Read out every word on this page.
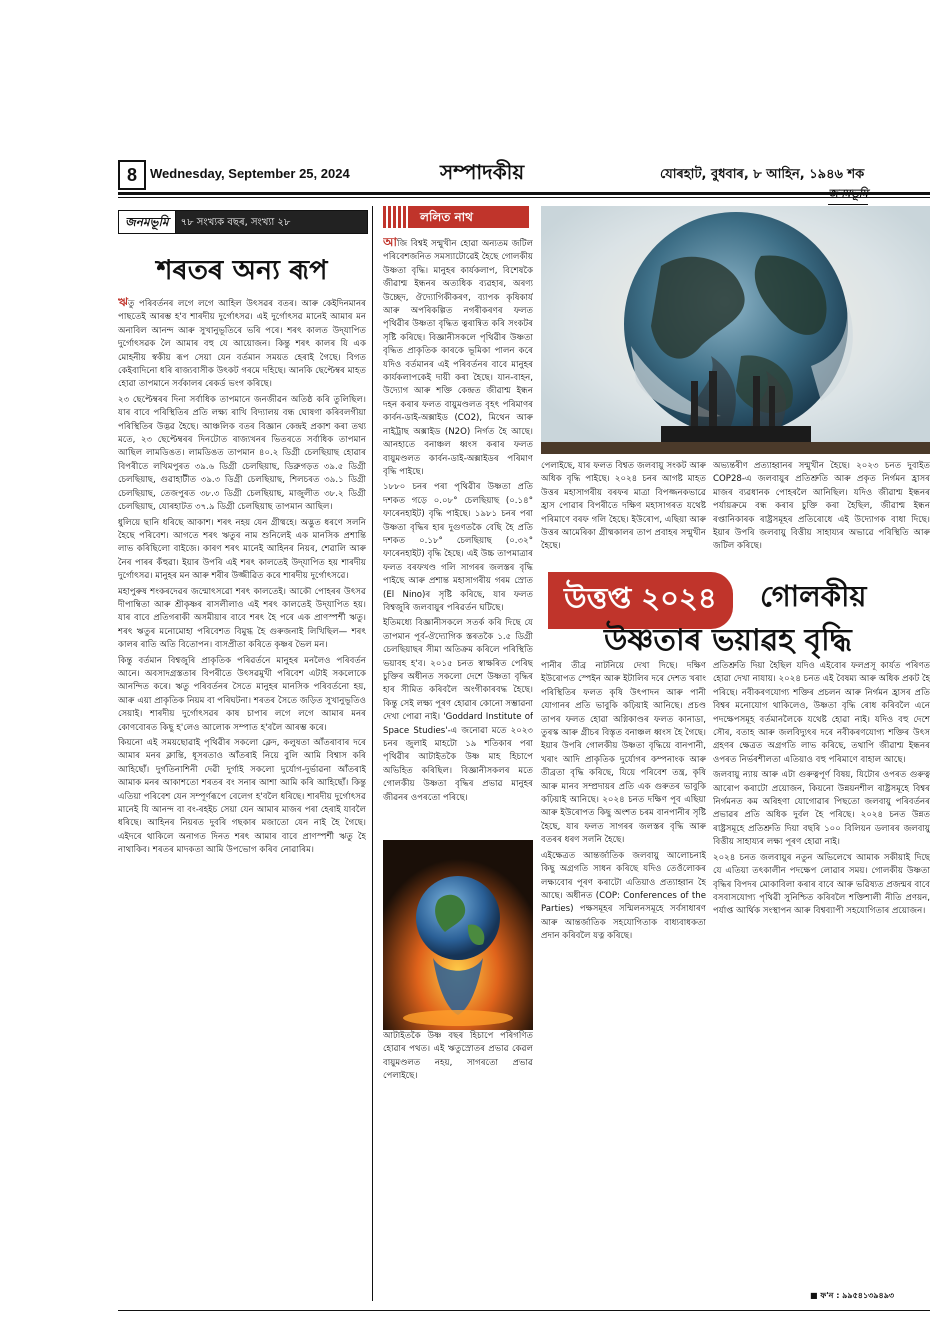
8	Wednesday, September 25, 2024	সম্পাদকীয়	যোৰহাট, বুধবাৰ, ৮ আহিন, ১৯৪৬ শক
জনমভূমি	৭৮ সংখ্যক বছৰ, সংখ্যা ২৮
শৰতৰ অন্য ৰূপ

ঋতু পৰিবৰ্তনৰ লগে লগে আহিল উৎসৱৰ বতৰ। আৰু কেইদিনমানৰ পাছতেই আৰম্ভ হ'ব শাৰদীয় দুৰ্গোৎসৱ। এই দুৰ্গোৎসৱ মানেই আমাৰ মন অনাবিল আনন্দ আৰু সুখানুভূতিৰে ভৰি পৰে। শৰৎ কালত উদ্‌যাপিত দুৰ্গোৎসৱক লৈ আমাৰ বহু যে আয়োজন। কিন্তু শৰৎ কালৰ যি এক মোহনীয় স্বকীয় ৰূপ সেয়া যেন বৰ্তমান সময়ত হেৰাই গৈছে। বিগত কেইবাদিনো ধৰি ৰাজ্যবাসীক উৎকট গৰমে দহিছে। আনকি ছেপ্টেম্বৰ মাহত হোৱা তাপমানে সৰ্বকালৰ ৰেকৰ্ড ভংগ কৰিছে।

২৩ ছেপ্টেম্বৰৰ দিনা সৰ্বাধিক তাপমানে জনজীৱন অতিষ্ঠ কৰি তুলিছিল। যাৰ বাবে পৰিস্থিতিৰ প্ৰতি লক্ষ্য ৰাখি বিদ্যালয় বন্ধ ঘোষণা কৰিবলগীয়া পৰিস্থিতিৰ উদ্ভৱ হৈছে। আঞ্চলিক বতৰ বিজ্ঞান কেন্দ্ৰই প্ৰকাশ কৰা তথ্য মতে, ২৩ ছেপ্টেম্বৰৰ দিনটোত ৰাজ্যখনৰ ভিতৰতে সৰ্বাধিক তাপমান আছিল লামডিঙত। লামডিঙত তাপমান ৪০.২ ডিগ্ৰী চেলছিয়াছ হোৱাৰ বিপৰীতে লখিমপুৰত ৩৯.৬ ডিগ্ৰী চেলছিয়াছ, ডিব্ৰুগড়ত ৩৯.৫ ডিগ্ৰী চেলছিয়াছ, গুৱাহাটীত ৩৯.৩ ডিগ্ৰী চেলছিয়াছ, শিলচৰত ৩৯.১ ডিগ্ৰী চেলছিয়াছ, তেজপুৰত ৩৮.৩ ডিগ্ৰী চেলছিয়াছ, মাজুলীত ৩৮.২ ডিগ্ৰী চেলছিয়াছ, যোৰহাটত ৩৭.৯ ডিগ্ৰী চেলছিয়াছ তাপমান আছিল।

ধুলিয়ে ছানি ধৰিছে আকাশ। শৰৎ নহয় যেন গ্ৰীষ্মহে। অদ্ভুত ধৰণে সলনি হৈছে পৰিবেশ। আগতে শৰৎ ঋতুৰ নাম শুনিলেই এক মানসিক প্ৰশান্তি লাভ কৰিছিলো বাইজে। কাৰণ শৰৎ মানেই আহিনৰ নিয়ৰ, শেৱালি আৰু নৈৰ পাৰৰ কঁহুৱা। ইয়াৰ উপৰি এই শৰৎ কালতেই উদ্‌যাপিত হয় শাৰদীয় দুৰ্গোৎসৱ। মানুহৰ মন আৰু শৰীৰ উজ্জীৱিত কৰে শাৰদীয় দুৰ্গোৎসৱে।

মহাপুৰুষ শংকৰদেৱৰ জন্মোৎসৱো শৰৎ কালতেই। আকৌ পোহৰৰ উৎসৱ দীপাম্বিতা আৰু শ্ৰীকৃষ্ণৰ ৰাসলীলাও এই শৰৎ কালতেই উদ্‌যাপিত হয়। যাৰ বাবে প্ৰতিগৰাকী অসমীয়াৰ বাবে শৰৎ হৈ পৰে এক প্ৰাণস্পৰ্শী ঋতু। শৰৎ ঋতুৰ মনোমোহা পৰিবেশত বিমুগ্ধ হৈ গুৰুজনাই লিখিছিল— শৰৎ কালৰ ৰাতি অতি বিতোপন। বাসপ্ৰীতা কৰিতে কৃষ্ণৰ ভৈল মন।

কিন্তু বৰ্তমান বিশ্বজুৰি প্ৰাকৃতিক পৰিৱৰ্তনে মানুহৰ মনলৈও পৰিবৰ্তন আনে। অবসাদগ্ৰস্ততাৰ বিপৰীতে উৎসৱমুখী পৰিবেশ এটাই সকলোকে আনন্দিত কৰে। ঋতু পৰিবৰ্তনৰ সৈতে মানুহৰ মানসিক পৰিবৰ্তনো হয়, আৰু এয়া প্ৰাকৃতিক নিয়ম বা পৰিঘটনা। শৰতৰ সৈতে জড়িত সুখানুভূতিও সেয়াই। শাৰদীয় দুৰ্গোৎসৱৰ কাষ চাপাৰ লগে লগে আমাৰ মনৰ কোণবোৰত কিছু হ'লেও আলোক সম্পাত হ'বলৈ আৰম্ভ কৰে।

কিয়নো এই সময়ছোৱাই পৃথিৱীৰ সকলো ক্লেদ, কলুষতা আঁতৰাবাৰ দৰে আমাৰ মনৰ ক্লান্তি, ধূসৰতাও আঁতৰাই নিয়ে বুলি আমি বিশ্বাস কৰি আহিছোঁ। দুৰ্গতিনাশিনী দেৱী দুৰ্গাই সকলো দুৰ্যোগ-দুৰ্ভাৱনা আঁতৰাই আমাক মনৰ আকাশতো শৰতৰ বং সনাৰ আশা আমি কৰি আহিছোঁ। কিন্তু এতিয়া পৰিবেশ যেন সম্পূৰ্ণৰূপে বেলেগ হ'বলৈ ধৰিছে। শাৰদীয় দুৰ্গোৎসৱ মানেই যি আনন্দ বা বং-ৰহইচ সেয়া যেন আমাৰ মাজৰ পৰা হেৰাই যাবলৈ ধৰিছে। আহিনৰ নিয়ৰত দুবৰি গছকাৰ মজাতো যেন নাই হৈ গৈছে। এইদৰে থাকিলে অনাগত দিনত শৰৎ আমাৰ বাবে প্ৰাণস্পৰ্শী ঋতু হৈ নাথাকিব। শৰতৰ মাদকতা আমি উপভোগ কৰিব নোৱাৰিম।

ললিত নাথ

আজি বিশ্বই সন্মুখীন হোৱা অন্যতম জটিল পৰিবেশজনিত সমস্যাটোৱেই হৈছে গোলকীয় উষ্ণতা বৃদ্ধি। মানুহৰ কাৰ্যকলাপ, বিশেষকৈ জীৱাশ্ম ইন্ধনৰ অত্যধিক ব্যৱহাৰ, অৰণ্য উচ্ছেদ, ঔদ্যোগিকীকৰণ, ব্যাপক কৃষিকাৰ্য আৰু অপৰিকল্পিত নগৰীকৰণৰ ফলত পৃথিৱীৰ উষ্ণতা বৃদ্ধিত ত্বৰান্বিত কৰি সংকটৰ সৃষ্টি কৰিছে। বিজ্ঞানীসকলে পৃথিৱীৰ উষ্ণতা বৃদ্ধিত প্ৰাকৃতিক কাৰকে ভূমিকা পালন কৰে যদিও বৰ্তমানৰ এই পৰিবৰ্তনৰ বাবে মানুহৰ কাৰ্যকলাপকেই দায়ী কৰা হৈছে। যান-বাহন, উদ্যোগ আৰু শক্তি কেন্দ্ৰত জীৱাশ্ম ইন্ধন দহন কৰাৰ ফলত বায়ুমণ্ডলত বৃহৎ পৰিমাণৰ কাৰ্বন-ডাই-অক্সাইড (CO2), মিথেন আৰু নাইট্ৰাছ অক্সাইড (N2O) নিৰ্গত হৈ আছে। আনহাতে বনাঞ্চল ধ্বংস কৰাৰ ফলত বায়ুমণ্ডলত কাৰ্বন-ডাই-অক্সাইডৰ পৰিমাণ বৃদ্ধি পাইছে।

১৮৮০ চনৰ পৰা পৃথিৱীৰ উষ্ণতা প্ৰতি দশকত গড়ে ০.০৮° চেলছিয়াছ (০.১৪° ফাৰেনহাইট) বৃদ্ধি পাইছে। ১৯৮১ চনৰ পৰা উষ্ণতা বৃদ্ধিৰ হাৰ দুগুণতকৈ বেছি হৈ প্ৰতি দশকত ০.১৮° চেলছিয়াছ (০.৩২° ফাৰেনহাইট) বৃদ্ধি হৈছে। এই উচ্চ তাপমাত্ৰাৰ ফলত বৰফখণ্ড গলি সাগৰৰ জলস্তৰ বৃদ্ধি পাইছে আৰু প্ৰশান্ত মহাসাগৰীয় গৰম স্ৰোত (El Nino)ৰ সৃষ্টি কৰিছে, যাৰ ফলত বিশ্বজুৰি জলবায়ুৰ পৰিৱৰ্তন ঘটিছে।

ইতিমধ্যে বিজ্ঞানীসকলে সতৰ্ক কৰি দিছে যে তাপমান পূৰ্ব-ঔদ্যোগিক স্তৰতকৈ ১.৫ ডিগ্ৰী চেলছিয়াছৰ সীমা অতিক্ৰম কৰিলে পৰিস্থিতি ভয়াবহ হ'ব। ২০১৫ চনত স্বাক্ষৰিত পেৰিছ চুক্তিৰ অধীনত সকলো দেশে উষ্ণতা বৃদ্ধিৰ হাৰ সীমিত কৰিবলৈ অংগীকাৰবদ্ধ হৈছে। কিন্তু সেই লক্ষ্য পূৰণ হোৱাৰ কোনো সম্ভাৱনা দেখা পোৱা নাই। 'Goddard Institute of Space Studies'-এ জনোৱা মতে ২০২৩ চনৰ জুলাই মাহটো ১৯ শতিকাৰ পৰা পৃথিৱীৰ আটাইতকৈ উষ্ণ মাহ হিচাপে অভিহিত কৰিছিল। বিজ্ঞানীসকলৰ মতে গোলকীয় উষ্ণতা বৃদ্ধিৰ প্ৰভাৱ মানুহৰ জীৱনৰ ওপৰতো পৰিছে।

আটাইতকৈ উষ্ণ বছৰ হিচাপে পৰিগণিত হোৱাৰ পথত। এই ঋতুস্রোতৰ প্ৰভাৱ কেৱল বায়ুমণ্ডলত নহয়, সাগৰতো প্ৰভাৱ পেলাইছে।

পেলাইছে, যাৰ ফলত বিশ্বত জলবায়ু সংকট আৰু অধিক বৃদ্ধি পাইছে। ২০২৪ চনৰ আগষ্ট মাহত উত্তৰ মহাসাগৰীয় বৰফৰ মাত্ৰা বিপজ্জনকভাৱে হ্ৰাস পোৱাৰ বিপৰীতে দক্ষিণ মহাসাগৰত যথেষ্ট পৰিমাণে বৰফ গলি হৈছে। ইউৰোপ, এছিয়া আৰু উত্তৰ আমেৰিকা গ্ৰীষ্মকালৰ তাপ প্ৰবাহৰ সন্মুখীন হৈছে।
অভ্যন্তৰীণ প্ৰত্যাহ্বানৰ সন্মুখীন হৈছে। ২০২৩ চনত দুবাইত COP28-এ জলবায়ুৰ প্ৰতিশ্ৰুতি আৰু প্ৰকৃত নিৰ্গমন হ্ৰাসৰ মাজৰ ব্যৱধানক পোহৰলৈ আনিছিল। যদিও জীৱাশ্ম ইন্ধনৰ পৰ্যায়ক্ৰমে বন্ধ কৰাৰ চুক্তি কৰা হৈছিল, জীৱাশ্ম ইন্ধন ৰপ্তানিকাৰক ৰাষ্ট্ৰসমূহৰ প্ৰতিৰোধে এই উদ্যোগক বাধা দিছে। ইয়াৰ উপৰি জলবায়ু বিত্তীয় সাহায্যৰ অভাৱে পৰিস্থিতি আৰু জটিল কৰিছে।
উত্তপ্ত ২০২৪	গোলকীয়
উষ্ণতাৰ ভয়াৱহ বৃদ্ধি

পানীৰ তীব্ৰ নাটনিয়ে দেখা দিছে। দক্ষিণ ইউৰোপত স্পেইন আৰু ইটালিৰ দৰে দেশত খৰাং পৰিস্থিতিৰ ফলত কৃষি উৎপাদন আৰু পানী যোগানৰ প্ৰতি ভাবুকি কঢ়িয়াই আনিছে। প্ৰচণ্ড তাপৰ ফলত হোৱা অগ্নিকাণ্ডৰ ফলত কানাডা, তুৰস্ক আৰু গ্ৰীচৰ বিস্তৃত বনাঞ্চল ধ্বংস হৈ গৈছে। ইয়াৰ উপৰি গোলকীয় উষ্ণতা বৃদ্ধিয়ে বানপানী, খৰাং আদি প্ৰাকৃতিক দুৰ্যোগৰ কম্পনাংক আৰু তীব্ৰতা বৃদ্ধি কৰিছে, যিয়ে পৰিবেশ তন্ত্ৰ, কৃষি আৰু মানব সম্প্ৰদায়ৰ প্ৰতি এক গুৰুতৰ ভাবুকি কঢ়িয়াই আনিছে। ২০২৪ চনত দক্ষিণ পূব এছিয়া আৰু ইউৰোপত কিছু অংশত চৰম বানপানীৰ সৃষ্টি হৈছে, যাৰ ফলত সাগৰৰ জলস্তৰ বৃদ্ধি আৰু বতৰৰ ধৰণ সলনি হৈছে।

এইক্ষেত্ৰত আন্তৰ্জাতিক জলবায়ু আলোচনাই কিছু অগ্ৰগতি সাধন কৰিছে যদিও তেওঁলোকৰ লক্ষ্যবোৰ পূৰণ কৰাটো এতিয়াও প্ৰত্যাহ্বান হৈ আছে। অধীনত (COP: Conferences of the Parties) পক্ষসমূহৰ সন্মিলনসমূহে সৰ্বসাধাৰণ আৰু আন্তৰ্জাতিক সহযোগিতাক বাধ্যবাধকতা প্ৰদান কৰিবলৈ যত্ন কৰিছে।

প্ৰতিশ্ৰুতি দিয়া হৈছিল যদিও এইবোৰ ফলপ্ৰসূ কাৰ্যত পৰিণত হোৱা দেখা নাযায়। ২০২৪ চনত এই বৈষম্য আৰু অধিক প্ৰকট হৈ পৰিছে। নবীকৰণযোগ্য শক্তিৰ প্ৰচলন আৰু নিৰ্গমন হ্ৰাসৰ প্ৰতি বিশ্বৰ মনোযোগ থাকিলেও, উষ্ণতা বৃদ্ধি ৰোধ কৰিবলৈ এনে পদক্ষেপসমূহ বৰ্তমানলৈকে যথেষ্ট হোৱা নাই। যদিও বহু দেশে সৌৰ, বতাহ আৰু জলবিদ্যুৎৰ দৰে নবীকৰণযোগ্য শক্তিৰ উৎস গ্ৰহণৰ ক্ষেত্ৰত অগ্ৰগতি লাভ কৰিছে, তথাপি জীৱাশ্ম ইন্ধনৰ ওপৰত নিৰ্ভৰশীলতা এতিয়াও বহু পৰিমাণে বাহাল আছে।

জলবায়ু ন্যায় আৰু এটা গুৰুত্বপূৰ্ণ বিষয়, যিটোৰ ওপৰত গুৰুত্ব আৰোপ কৰাটো প্ৰয়োজন, কিয়নো উন্নয়নশীল ৰাষ্ট্ৰসমূহে বিশ্বৰ নিৰ্গমনত কম অৰিহণা যোগোৱাৰ পিছতো জলবায়ু পৰিবৰ্তনৰ প্ৰভাৱৰ প্ৰতি অধিক দুৰ্বল হৈ পৰিছে। ২০২৪ চনত উন্নত ৰাষ্ট্ৰসমূহে প্ৰতিশ্ৰুতি দিয়া বছৰি ১০০ বিলিয়ন ডলাৰৰ জলবায়ু বিত্তীয় সাহায্যৰ লক্ষ্য পূৰণ হোৱা নাই।

২০২৪ চনত জলবায়ুৰ নতুন অভিলেখে আমাক সকীয়াই দিছে যে এতিয়া তৎকালীন পদক্ষেপ লোৱাৰ সময়। গোলকীয় উষ্ণতা বৃদ্ধিৰ বিপদৰ মোকাবিলা কৰাৰ বাবে আৰু ভৱিষ্যত প্ৰজন্মৰ বাবে বসবাসযোগ্য পৃথিৱী সুনিশ্চিত কৰিবলৈ শক্তিশালী নীতি প্ৰণয়ন, পৰ্যাপ্ত আৰ্থিক সংস্থাপন আৰু বিশ্বব্যাপী সহযোগিতাৰ প্ৰয়োজন।

■ ফ'ন : ৯৯৫৪১৩৯৪৯৩
